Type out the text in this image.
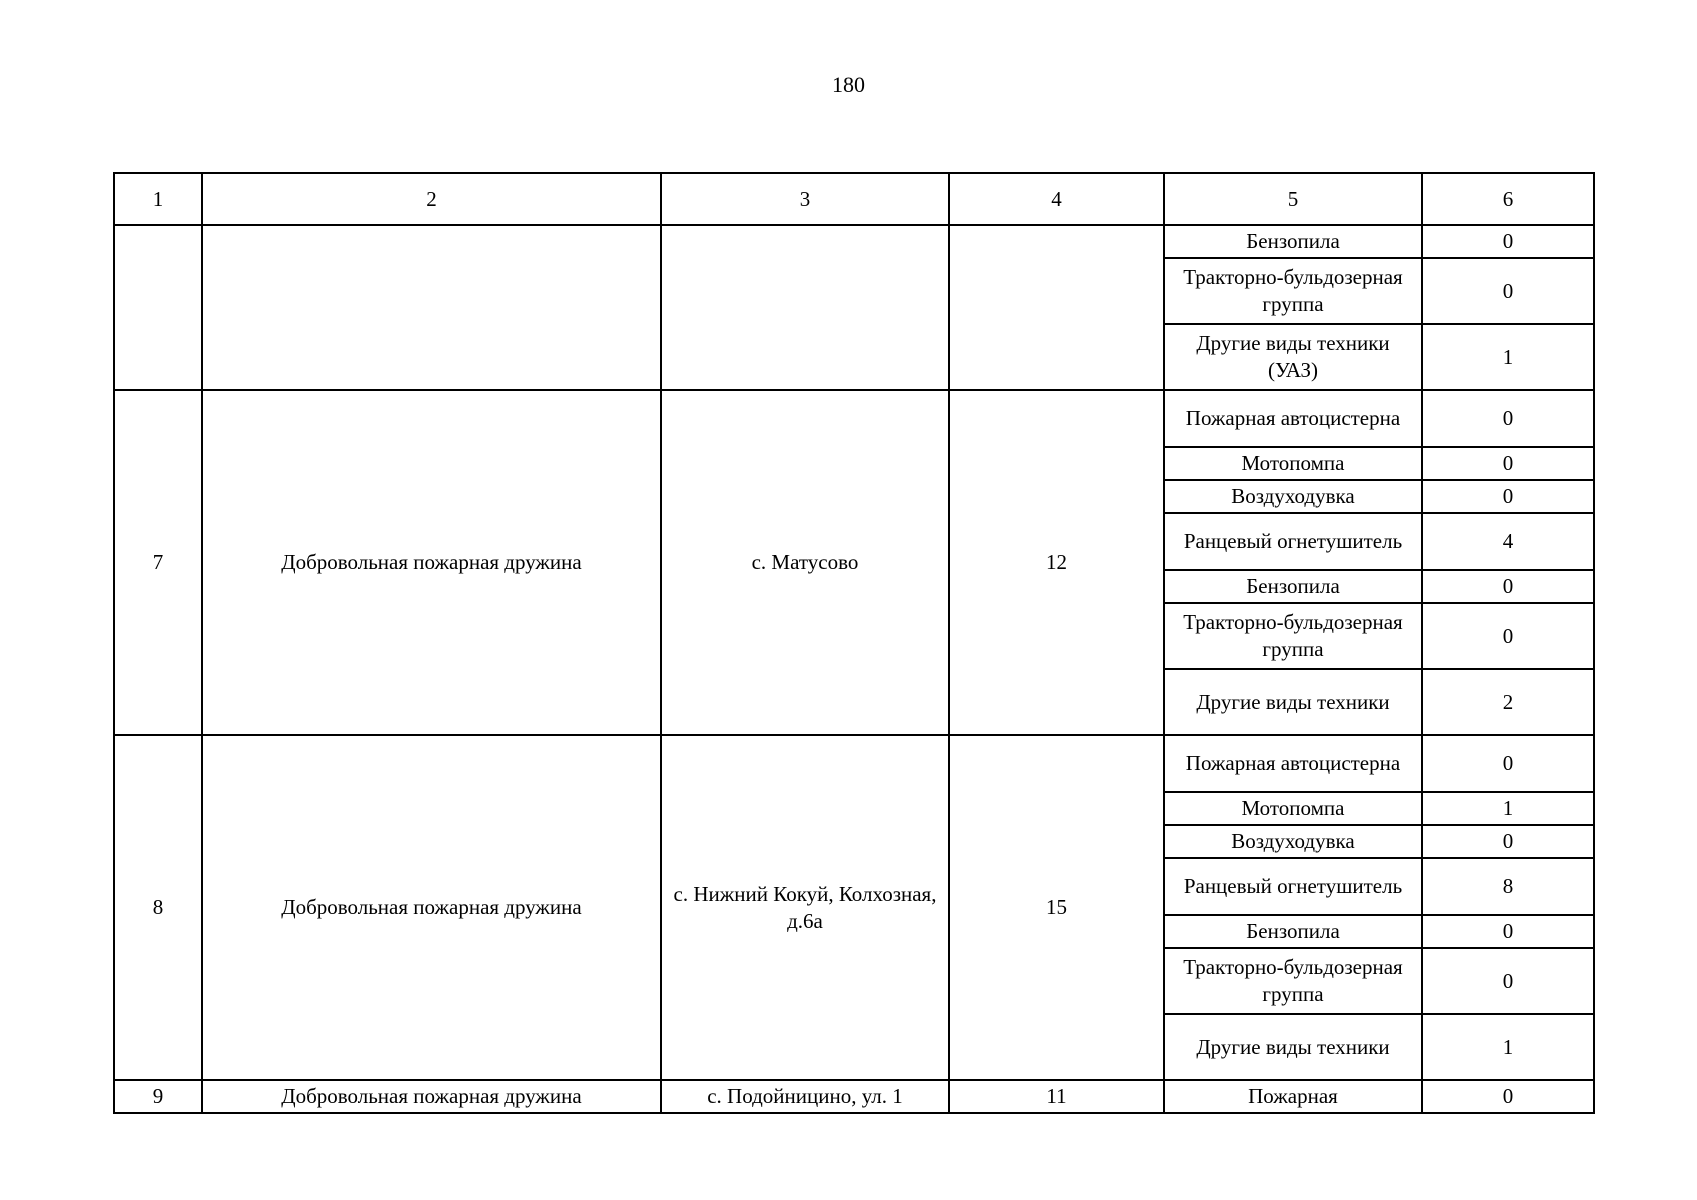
180
1	2	3	4	5	6
				Бензопила	0
				Тракторно-бульдозерная группа	0
				Другие виды техники (УАЗ)	1
7	Добровольная пожарная дружина	с. Матусово	12	Пожарная автоцистерна	0
				Мотопомпа	0
				Воздуходувка	0
				Ранцевый огнетушитель	4
				Бензопила	0
				Тракторно-бульдозерная группа	0
				Другие виды техники	2
8	Добровольная пожарная дружина	с. Нижний Кокуй, Колхозная, д.6а	15	Пожарная автоцистерна	0
				Мотопомпа	1
				Воздуходувка	0
				Ранцевый огнетушитель	8
				Бензопила	0
				Тракторно-бульдозерная группа	0
				Другие виды техники	1
9	Добровольная пожарная дружина	с. Подойницино, ул. 1	11	Пожарная	0
